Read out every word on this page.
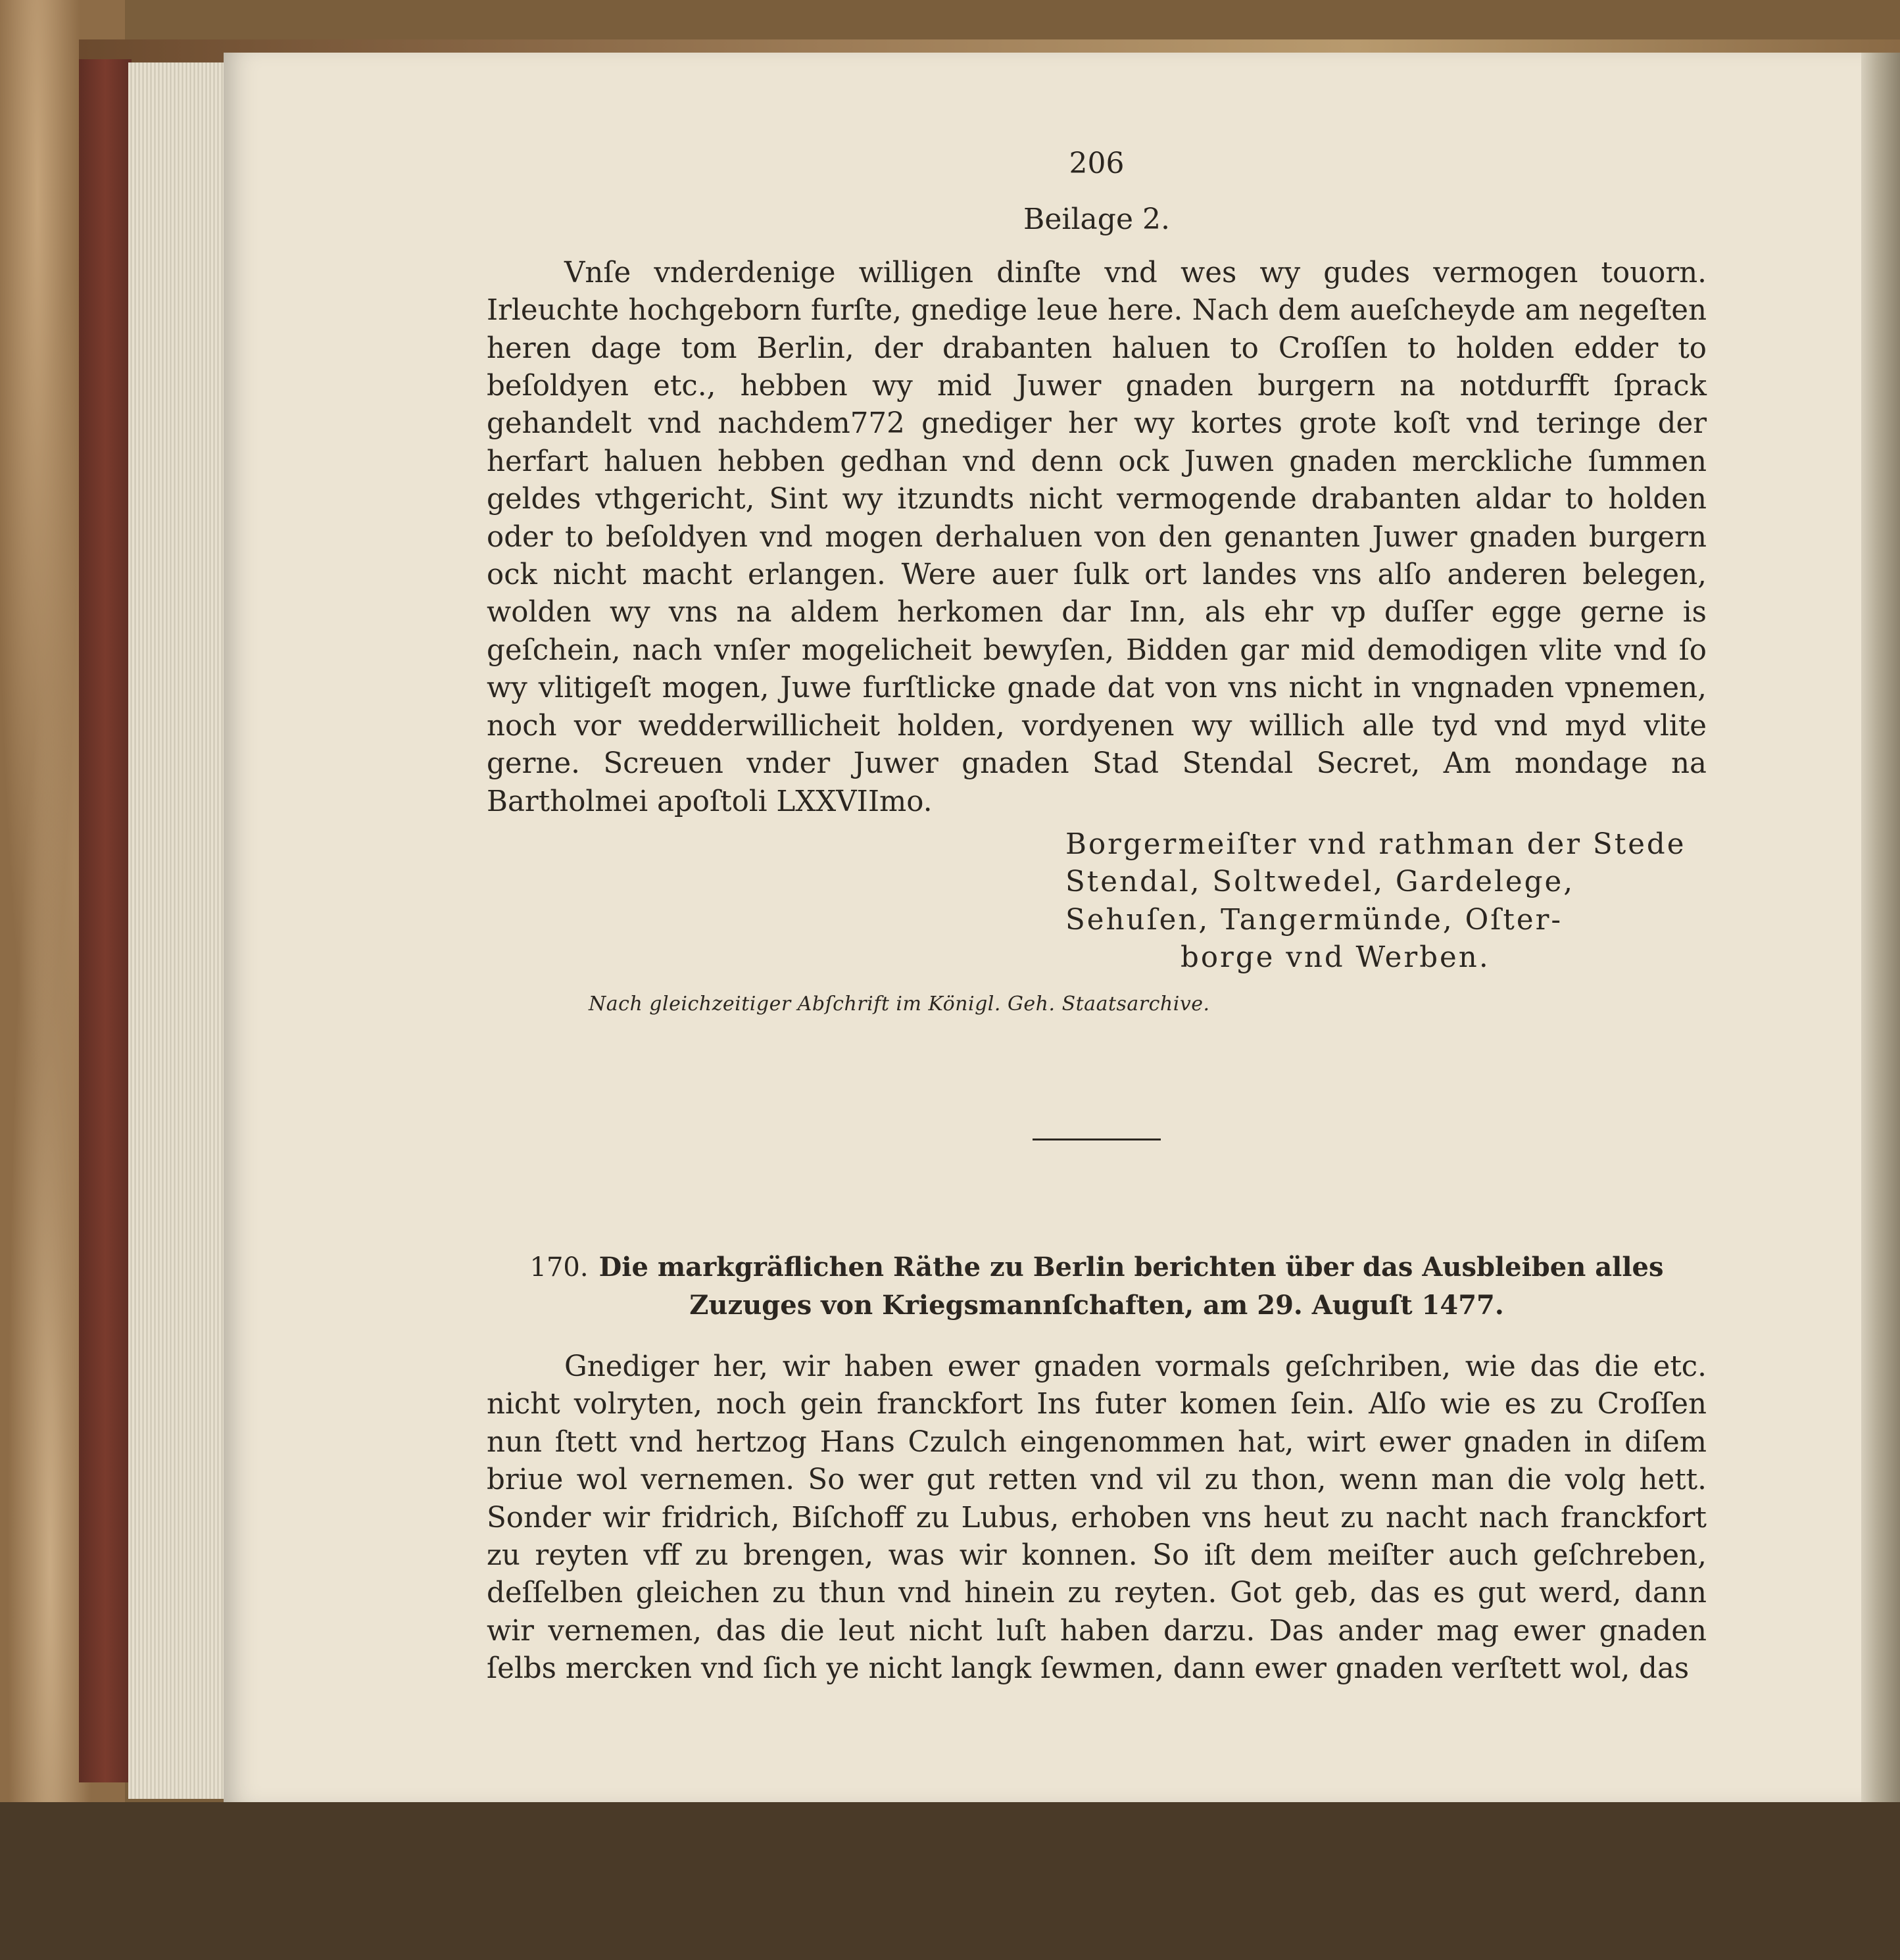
206
Beilage 2.

Vnſe vnderdenige willigen dinſte vnd wes wy gudes vermogen touorn. Irleuchte hochgeborn furſte, gnedige leue here. Nach dem aueſcheyde am negeſten heren dage tom Berlin, der drabanten haluen to Croſſen to holden edder to beſoldyen etc., hebben wy mid Juwer gnaden burgern na notdurfft ſprack gehandelt vnd nachdem772 gnediger her wy kortes grote koſt vnd teringe der herfart haluen hebben gedhan vnd denn ock Juwen gnaden merckliche ſummen geldes vthgericht, Sint wy itzundts nicht vermogende drabanten aldar to holden oder to beſoldyen vnd mogen derhaluen von den genanten Juwer gnaden burgern ock nicht macht erlangen. Were auer ſulk ort landes vns alſo anderen belegen, wolden wy vns na aldem herkomen dar Inn, als ehr vp duſſer egge gerne is geſchein, nach vnſer mogelicheit bewyſen, Bidden gar mid demodigen vlite vnd ſo wy vlitigeſt mogen, Juwe furſtlicke gnade dat von vns nicht in vngnaden vpnemen, noch vor wedderwillicheit holden, vordyenen wy willich alle tyd vnd myd vlite gerne. Screuen vnder Juwer gnaden Stad Stendal Secret, Am mondage na Bartholmei apoſtoli LXXVIImo.

Borgermeiſter vnd rathman der Stede
Stendal, Soltwedel, Gardelege,
Sehuſen, Tangermünde, Oſter-
borge vnd Werben.
Nach gleichzeitiger Abſchrift im Königl. Geh. Staatsarchive.
170. Die markgräflichen Räthe zu Berlin berichten über das Ausbleiben alles Zuzuges von Kriegsmannſchaften, am 29. Auguſt 1477.

Gnediger her, wir haben ewer gnaden vormals geſchriben, wie das die etc. nicht volryten, noch gein franckfort Ins futer komen ſein. Alſo wie es zu Croſſen nun ſtett vnd hertzog Hans Czulch eingenommen hat, wirt ewer gnaden in diſem briue wol vernemen. So wer gut retten vnd vil zu thon, wenn man die volg hett. Sonder wir fridrich, Biſchoff zu Lubus, erhoben vns heut zu nacht nach franckfort zu reyten vff zu brengen, was wir konnen. So iſt dem meiſter auch geſchreben, deſſelben gleichen zu thun vnd hinein zu reyten. Got geb, das es gut werd, dann wir vernemen, das die leut nicht luſt haben darzu. Das ander mag ewer gnaden ſelbs mercken vnd ſich ye nicht langk ſewmen, dann ewer gnaden verſtett wol, das
